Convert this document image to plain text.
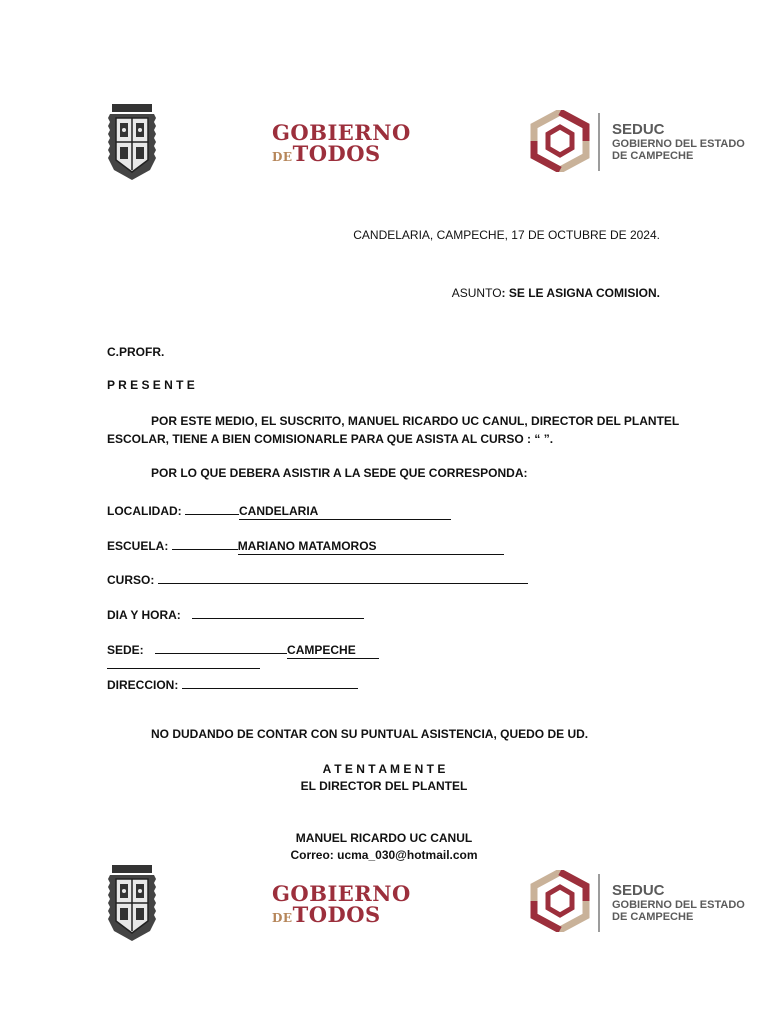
GOBIERNO
DETODOS
SEDUC
GOBIERNO DEL ESTADO
DE CAMPECHE
CANDELARIA, CAMPECHE, 17 DE OCTUBRE DE 2024.
ASUNTO: SE LE ASIGNA COMISION.
C.PROFR.
P R E S E N T E
POR ESTE MEDIO, EL SUSCRITO, MANUEL RICARDO UC CANUL, DIRECTOR DEL PLANTEL
ESCOLAR, TIENE A BIEN COMISIONARLE PARA QUE ASISTA AL CURSO : “ ”.
POR LO QUE DEBERA ASISTIR A LA SEDE QUE CORRESPONDA:
LOCALIDAD:	CANDELARIA
ESCUELA:	MARIANO MATAMOROS
CURSO:
DIA Y HORA:
SEDE:	CAMPECHE
DIRECCION:
NO DUDANDO DE CONTAR CON SU PUNTUAL ASISTENCIA, QUEDO DE UD.
A T E N T A M E N T E
EL DIRECTOR DEL PLANTEL
MANUEL RICARDO UC CANUL
Correo: ucma_030@hotmail.com
GOBIERNO
DETODOS
SEDUC
GOBIERNO DEL ESTADO
DE CAMPECHE
